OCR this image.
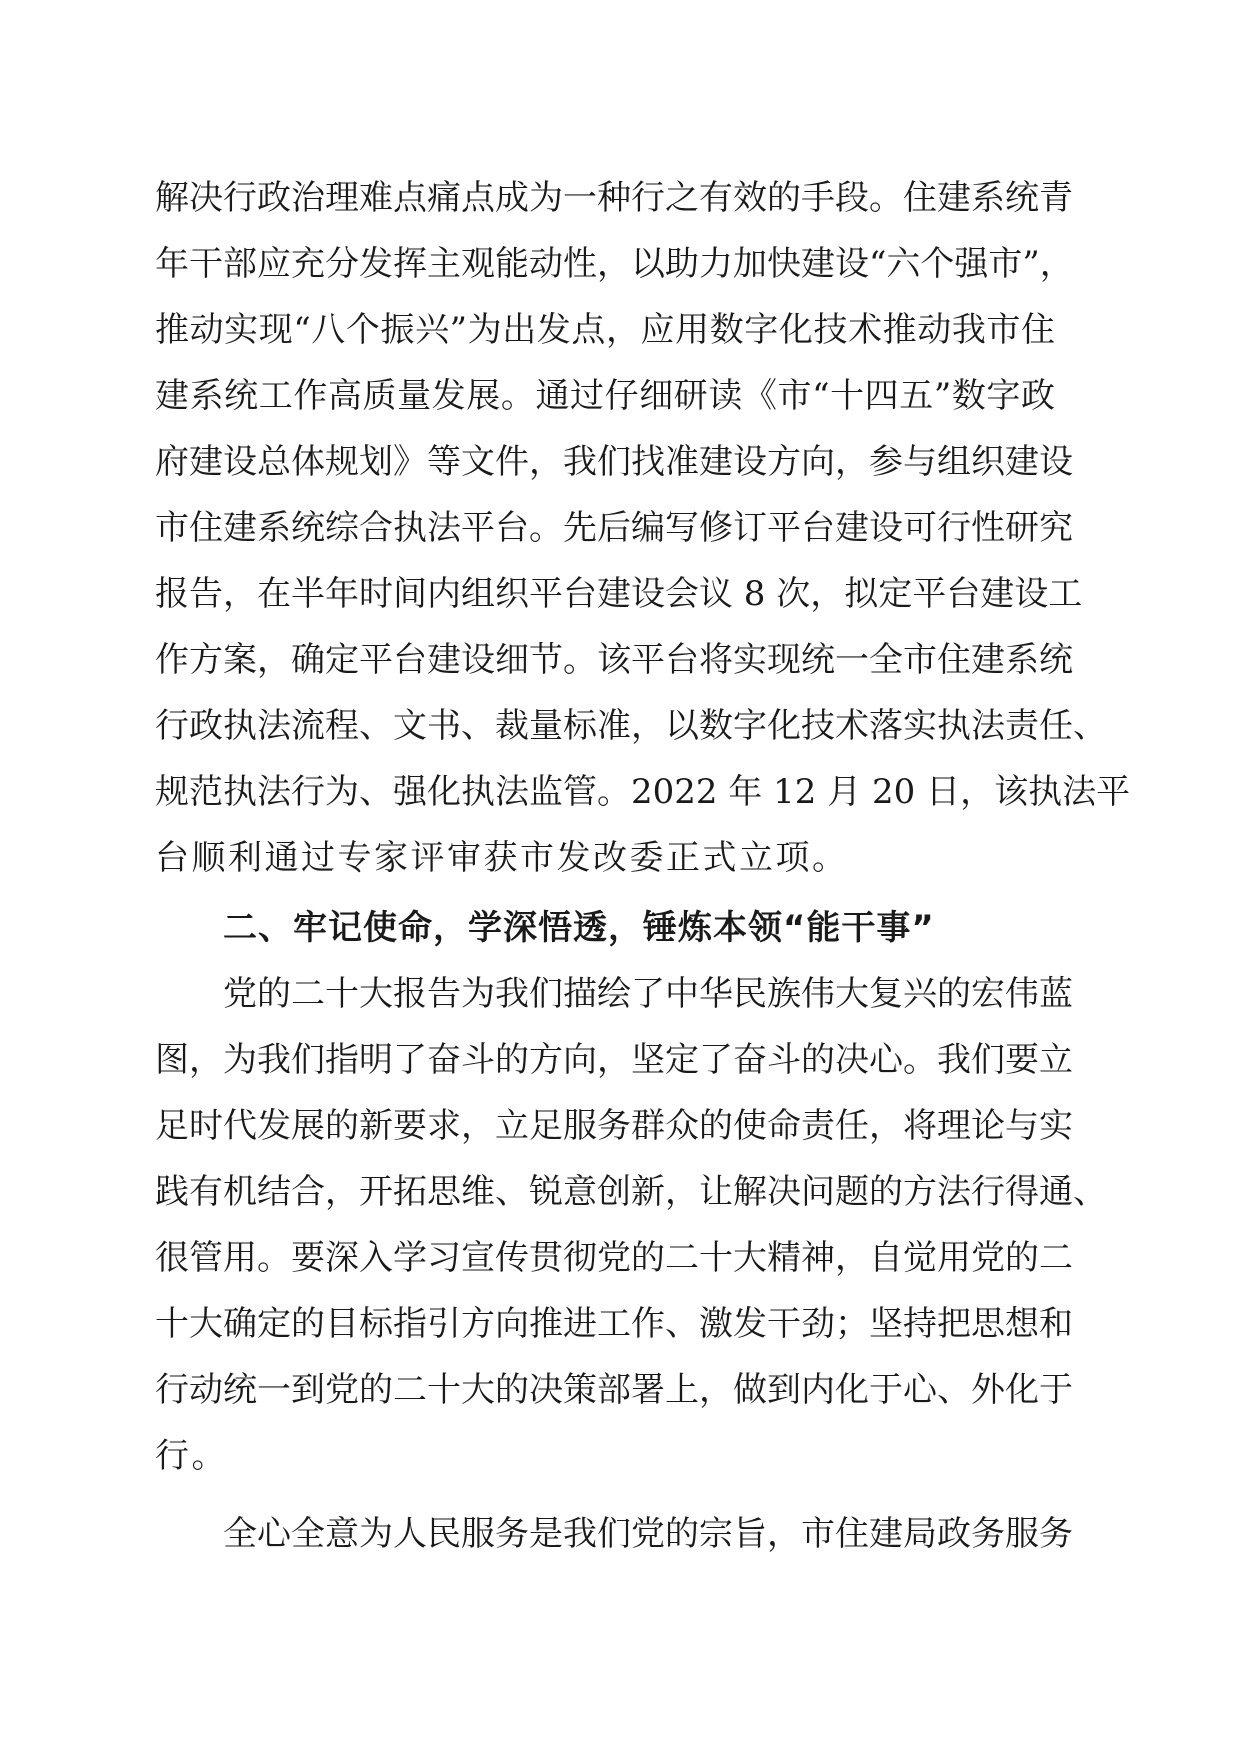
解决行政治理难点痛点成为一种行之有效的手段。住建系统青
年干部应充分发挥主观能动性，以助力加快建设“六个强市”，
推动实现“八个振兴”为出发点，应用数字化技术推动我市住
建系统工作高质量发展。通过仔细研读《市“十四五”数字政
府建设总体规划》等文件，我们找准建设方向，参与组织建设
市住建系统综合执法平台。先后编写修订平台建设可行性研究
报告，在半年时间内组织平台建设会议 8 次，拟定平台建设工
作方案，确定平台建设细节。该平台将实现统一全市住建系统
行政执法流程、文书、裁量标准，以数字化技术落实执法责任、
规范执法行为、强化执法监管。2022 年 12 月 20 日，该执法平
台顺利通过专家评审获市发改委正式立项。
二、牢记使命，学深悟透，锤炼本领“能干事”
党的二十大报告为我们描绘了中华民族伟大复兴的宏伟蓝
图，为我们指明了奋斗的方向，坚定了奋斗的决心。我们要立
足时代发展的新要求，立足服务群众的使命责任，将理论与实
践有机结合，开拓思维、锐意创新，让解决问题的方法行得通、
很管用。要深入学习宣传贯彻党的二十大精神，自觉用党的二
十大确定的目标指引方向推进工作、激发干劲；坚持把思想和
行动统一到党的二十大的决策部署上，做到内化于心、外化于
行。
全心全意为人民服务是我们党的宗旨，市住建局政务服务
